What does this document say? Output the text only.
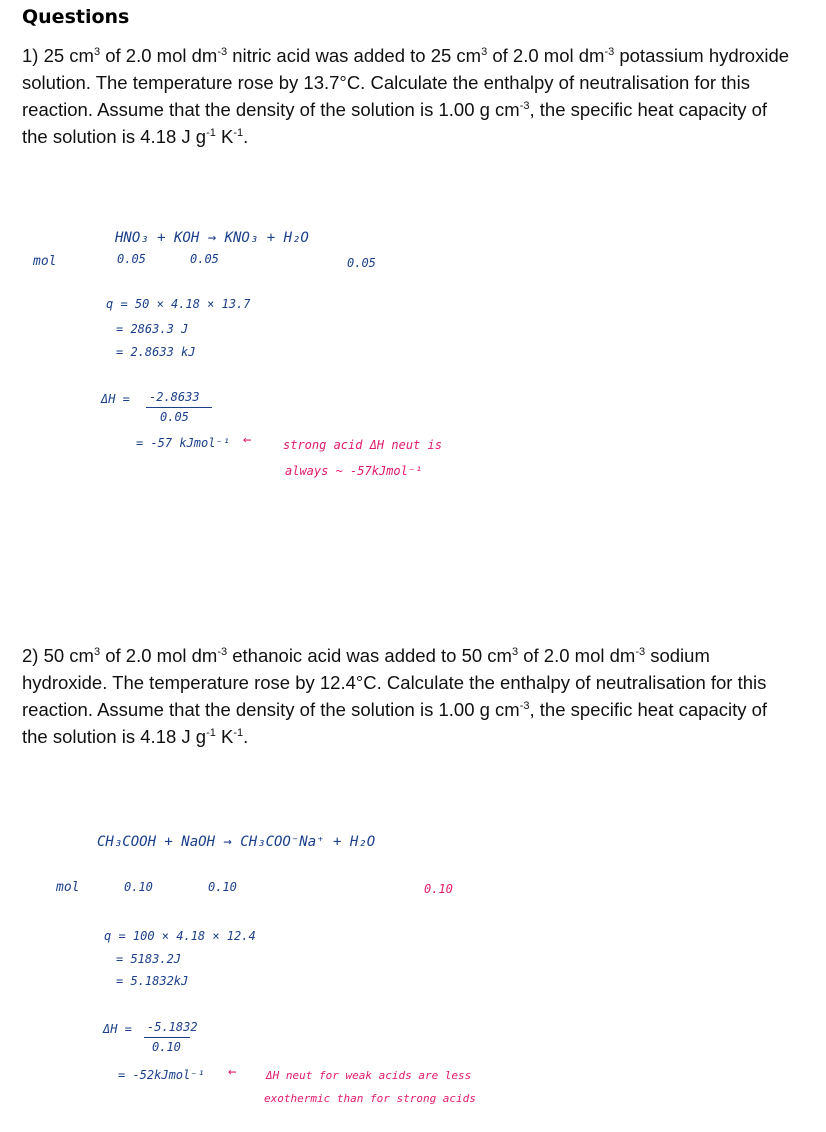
Questions
1) 25 $cm^3$ of 2.0 mol $dm^{-3}$ nitric acid was added to 25 $cm^3$ of 2.0 mol $dm^{-3}$ potassium hydroxide solution. The temperature rose by 13.7°C. Calculate the enthalpy of neutralisation for this reaction. Assume that the density of the solution is 1.00 g $cm^{-3}$, the specific heat capacity of the solution is 4.18 J $g^{-1}$ $K^{-1}$.
HNO₃ + KOH → KNO₃ + H₂O
mol	0.05	0.05	0.05
q = 50 × 4.18 × 13.7
= 2863.3 J
= 2.8633 kJ
ΔH = -2.8633
0.05
= -57 kJmol⁻¹ ←	strong acid ΔH neut is
always ~ -57kJmol⁻¹
2) 50 $cm^3$ of 2.0 mol $dm^{-3}$ ethanoic acid was added to 50 $cm^3$ of 2.0 mol $dm^{-3}$ sodium hydroxide. The temperature rose by 12.4°C. Calculate the enthalpy of neutralisation for this reaction. Assume that the density of the solution is 1.00 g $cm^{-3}$, the specific heat capacity of the solution is 4.18 J $g^{-1}$ $K^{-1}$.
CH₃COOH + NaOH → CH₃COO⁻Na⁺ + H₂O
mol	0.10	0.10	0.10
q = 100 × 4.18 × 12.4
= 5183.2J
= 5.1832kJ
ΔH = -5.1832
0.10
= -52kJmol⁻¹ ←	ΔH neut for weak acids are less
exothermic than for strong acids
